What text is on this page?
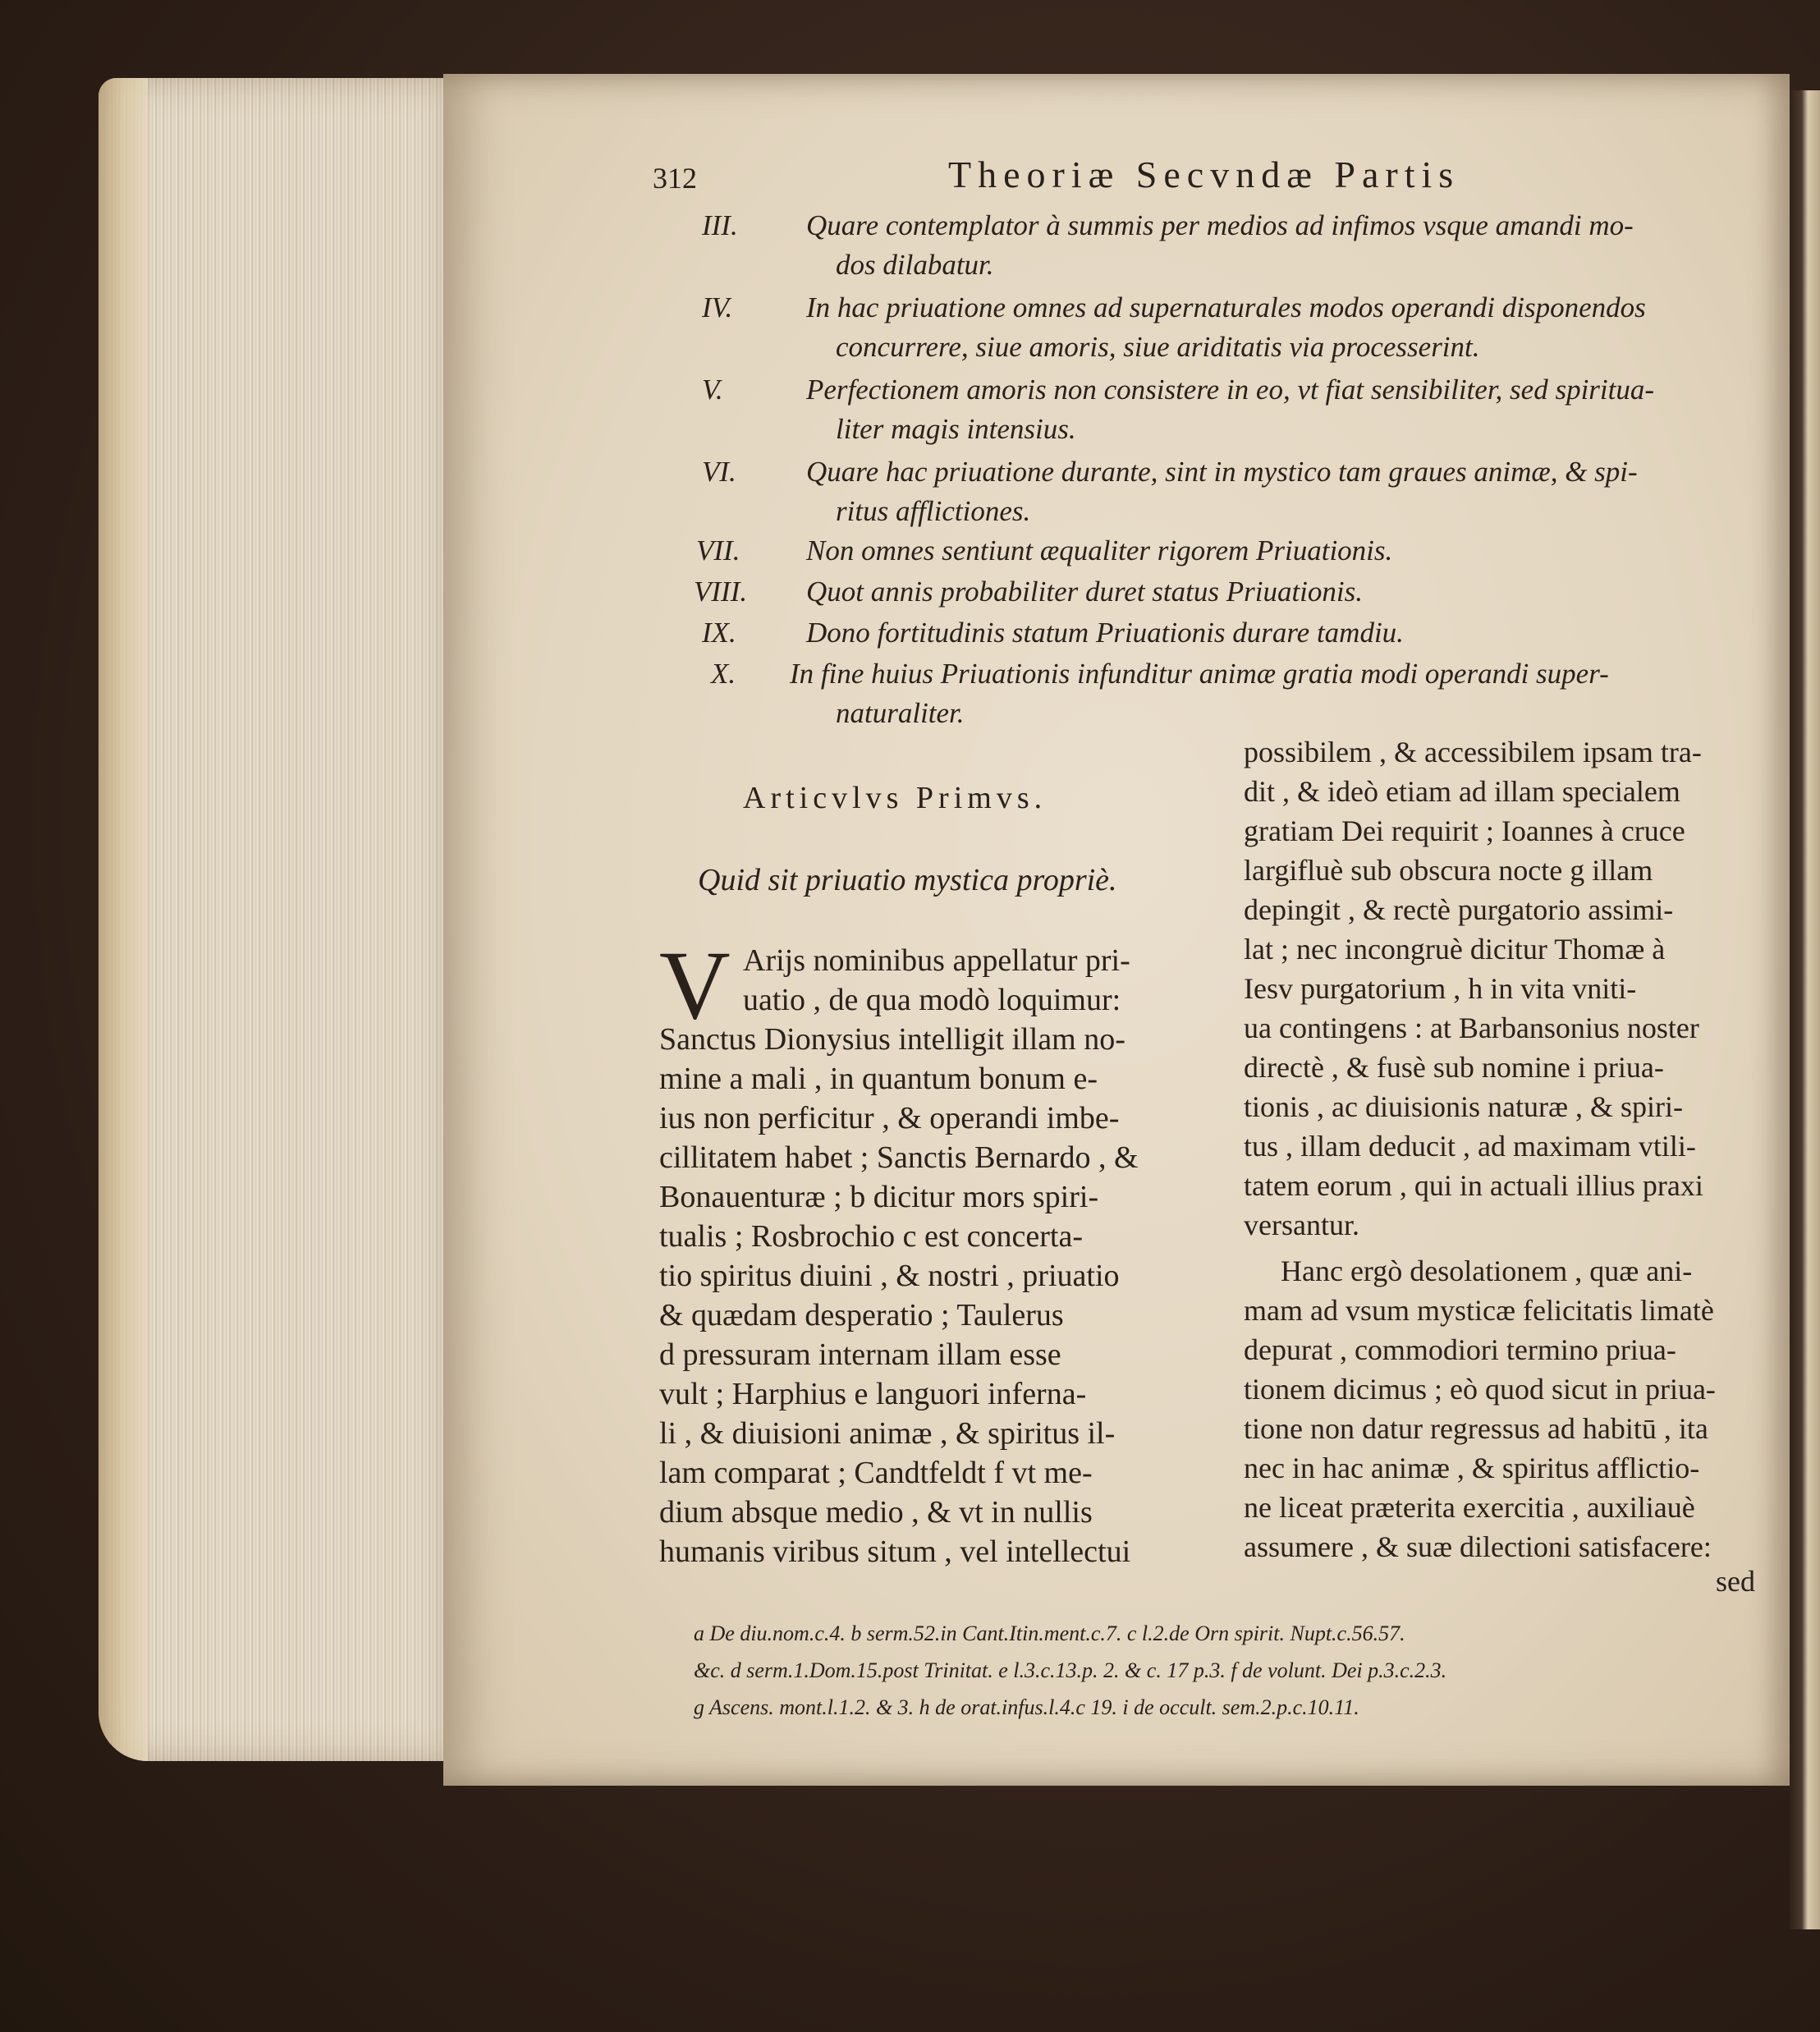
312	Theoriæ Secvndæ Partis
III. Quare contemplator à summis per medios ad infimos vsque amandi mo-
dos dilabatur.
IV.	In hac priuatione omnes ad supernaturales modos operandi disponendos
concurrere, siue amoris, siue ariditatis via processerint.
V.	Perfectionem amoris non consistere in eo, vt fiat sensibiliter, sed spiritua-
liter magis intensius.
VI. Quare hac priuatione durante, sint in mystico tam graues animæ, & spi-
ritus afflictiones.
VII. Non omnes sentiunt æqualiter rigorem Priuationis.
VIII. Quot annis probabiliter duret status Priuationis.
IX. Dono fortitudinis statum Priuationis durare tamdiu.
X. In fine huius Priuationis infunditur animæ gratia modi operandi super-
naturaliter.
Articvlvs Primvs.
Quid sit priuatio mystica propriè.
V Arijs nominibus appellatur pri-
uatio , de qua modò loquimur:
Sanctus Dionysius intelligit illam no-
mine a mali , in quantum bonum e-
ius non perficitur , & operandi imbe-
cillitatem habet ; Sanctis Bernardo , &
Bonauenturæ ; b dicitur mors spiri-
tualis ; Rosbrochio c est concerta-
tio spiritus diuini , & nostri , priuatio
& quædam desperatio ; Taulerus
d pressuram internam illam esse
vult ; Harphius e languori inferna-
li , & diuisioni animæ , & spiritus il-
lam comparat ; Candtfeldt f vt me-
dium absque medio , & vt in nullis
humanis viribus situm , vel intellectui
possibilem , & accessibilem ipsam tra-
dit , & ideò etiam ad illam specialem
gratiam Dei requirit ; Ioannes à cruce
largifluè sub obscura nocte g illam
depingit , & rectè purgatorio assimi-
lat ; nec incongruè dicitur Thomæ à
Iesv purgatorium , h in vita vniti-
ua contingens : at Barbansonius noster
directè , & fusè sub nomine i priua-
tionis , ac diuisionis naturæ , & spiri-
tus , illam deducit , ad maximam vtili-
tatem eorum , qui in actuali illius praxi
versantur.
Hanc ergò desolationem , quæ ani-
mam ad vsum mysticæ felicitatis limatè
depurat , commodiori termino priua-
tionem dicimus ; eò quod sicut in priua-
tione non datur regressus ad habitū , ita
nec in hac animæ , & spiritus afflictio-
ne liceat præterita exercitia , auxiliauè
assumere , & suæ dilectioni satisfacere:
sed
a De diu.nom.c.4. b serm.52.in Cant.Itin.ment.c.7. c l.2.de Orn spirit. Nupt.c.56.57.
&c. d serm.1.Dom.15.post Trinitat. e l.3.c.13.p. 2. & c. 17 p.3. f de volunt. Dei p.3.c.2.3.
g Ascens. mont.l.1.2. & 3. h de orat.infus.l.4.c 19. i de occult. sem.2.p.c.10.11.
